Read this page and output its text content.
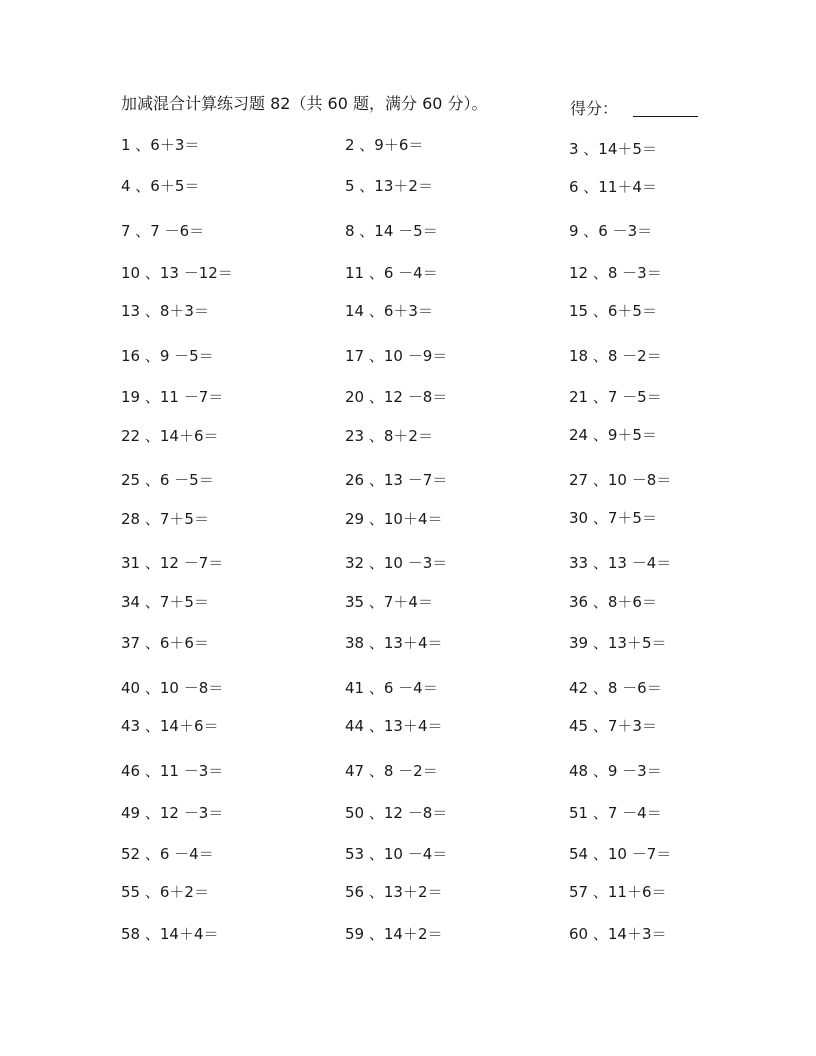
加减混合计算练习题 82（共 60 题，满分 60 分）。	得分：
1 、6＋3＝	2 、9＋6＝	3 、14＋5＝
4 、6＋5＝	5 、13＋2＝	6 、11＋4＝
7 、7 －6＝	8 、14 －5＝	9 、6 －3＝
10 、13 －12＝	11 、6 －4＝	12 、8 －3＝
13 、8＋3＝	14 、6＋3＝	15 、6＋5＝
16 、9 －5＝	17 、10 －9＝	18 、8 －2＝
19 、11 －7＝	20 、12 －8＝	21 、7 －5＝
22 、14＋6＝	23 、8＋2＝	24 、9＋5＝
25 、6 －5＝	26 、13 －7＝	27 、10 －8＝
28 、7＋5＝	29 、10＋4＝	30 、7＋5＝
31 、12 －7＝	32 、10 －3＝	33 、13 －4＝
34 、7＋5＝	35 、7＋4＝	36 、8＋6＝
37 、6＋6＝	38 、13＋4＝	39 、13＋5＝
40 、10 －8＝	41 、6 －4＝	42 、8 －6＝
43 、14＋6＝	44 、13＋4＝	45 、7＋3＝
46 、11 －3＝	47 、8 －2＝	48 、9 －3＝
49 、12 －3＝	50 、12 －8＝	51 、7 －4＝
52 、6 －4＝	53 、10 －4＝	54 、10 －7＝
55 、6＋2＝	56 、13＋2＝	57 、11＋6＝
58 、14＋4＝	59 、14＋2＝	60 、14＋3＝
